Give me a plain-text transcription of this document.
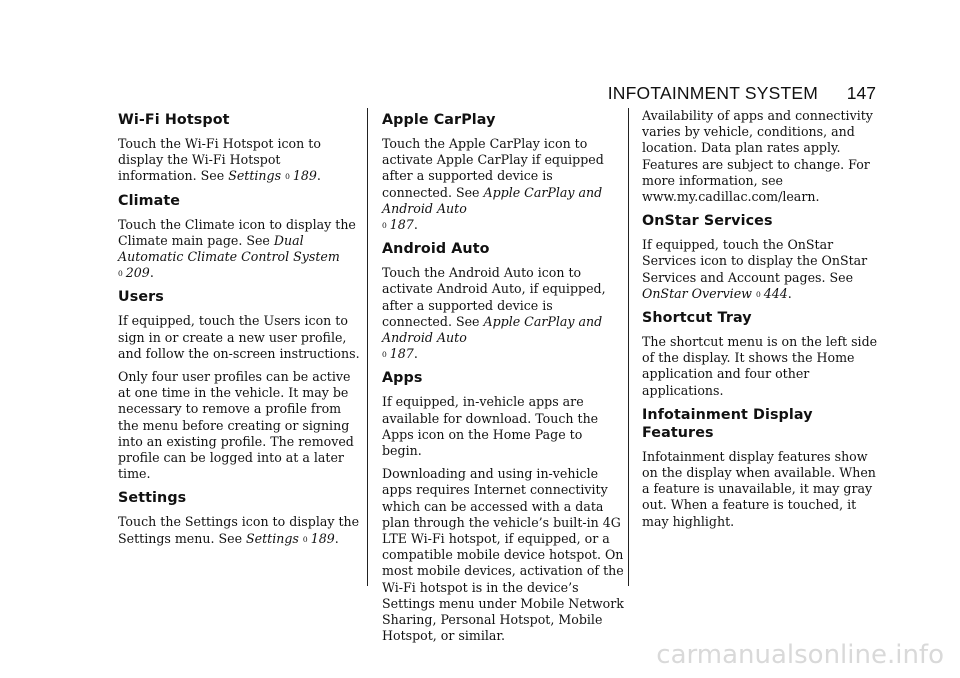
INFOTAINMENT SYSTEM 147
Wi-Fi Hotspot

Touch the Wi-Fi Hotspot icon to display the Wi-Fi Hotspot information. See Settings 0 189.

Climate

Touch the Climate icon to display the Climate main page. See Dual Automatic Climate Control System
0 209.

Users

If equipped, touch the Users icon to sign in or create a new user profile, and follow the on-screen instructions.

Only four user profiles can be active at one time in the vehicle. It may be necessary to remove a profile from the menu before creating or signing into an existing profile. The removed profile can be logged into at a later time.

Settings

Touch the Settings icon to display the Settings menu. See Settings 0 189.

Apple CarPlay

Touch the Apple CarPlay icon to activate Apple CarPlay if equipped after a supported device is connected. See Apple CarPlay and Android Auto
0 187.

Android Auto

Touch the Android Auto icon to activate Android Auto, if equipped, after a supported device is connected. See Apple CarPlay and Android Auto
0 187.

Apps

If equipped, in-vehicle apps are available for download. Touch the Apps icon on the Home Page to begin.

Downloading and using in-vehicle apps requires Internet connectivity which can be accessed with a data plan through the vehicle’s built-in 4G LTE Wi-Fi hotspot, if equipped, or a compatible mobile device hotspot. On most mobile devices, activation of the Wi-Fi hotspot is in the device’s Settings menu under Mobile Network Sharing, Personal Hotspot, Mobile Hotspot, or similar.

Availability of apps and connectivity varies by vehicle, conditions, and location. Data plan rates apply. Features are subject to change. For more information, see www.my.cadillac.com/learn.

OnStar Services

If equipped, touch the OnStar Services icon to display the OnStar Services and Account pages. See OnStar Overview 0 444.

Shortcut Tray

The shortcut menu is on the left side of the display. It shows the Home application and four other applications.

Infotainment Display Features

Infotainment display features show on the display when available. When a feature is unavailable, it may gray out. When a feature is touched, it may highlight.

carmanualsonline.info
